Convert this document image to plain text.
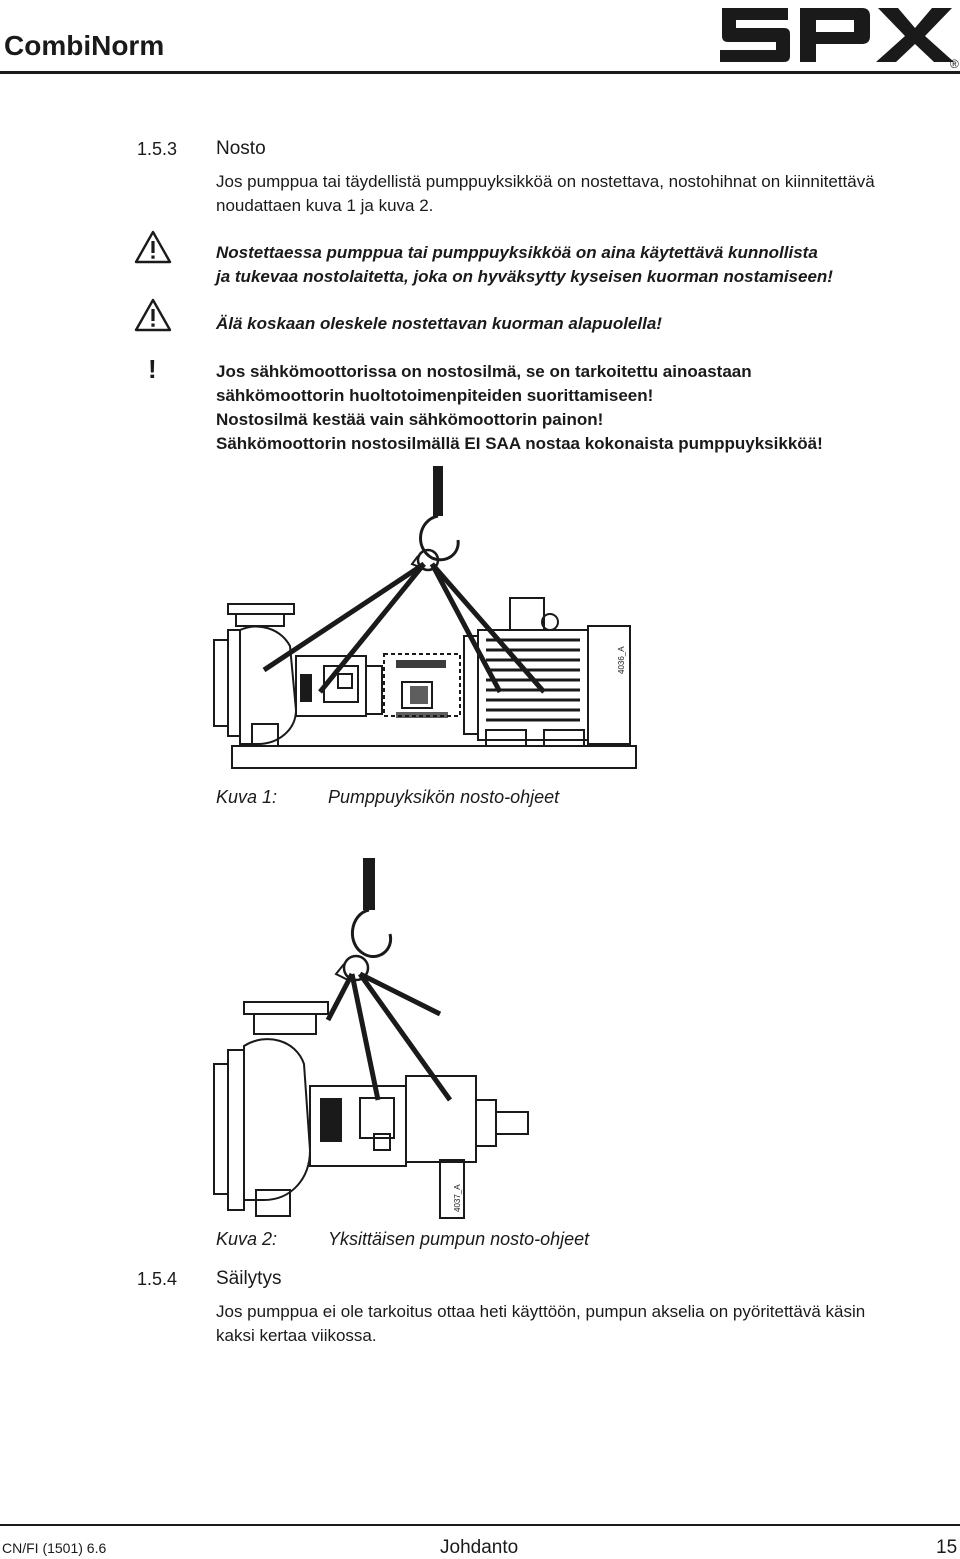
CombiNorm
®
1.5.3 Nosto
Jos pumppua tai täydellistä pumppuyksikköä on nostettava, nostohihnat on kiinnitettävä
noudattaen kuva 1 ja kuva 2.
Nostettaessa pumppua tai pumppuyksikköä on aina käytettävä kunnollista
ja tukevaa nostolaitetta, joka on hyväksytty kyseisen kuorman nostamiseen!
Älä koskaan oleskele nostettavan kuorman alapuolella!
!	Jos sähkömoottorissa on nostosilmä, se on tarkoitettu ainoastaan
sähkömoottorin huoltotoimenpiteiden suorittamiseen!
Nostosilmä kestää vain sähkömoottorin painon!
Sähkömoottorin nostosilmällä EI SAA nostaa kokonaista pumppuyksikköä!
4036_A
Kuva 1:	Pumppuyksikön nosto-ohjeet
4037_A
Kuva 2:	Yksittäisen pumpun nosto-ohjeet
1.5.4 Säilytys
Jos pumppua ei ole tarkoitus ottaa heti käyttöön, pumpun akselia on pyöritettävä käsin
kaksi kertaa viikossa.
CN/FI (1501) 6.6	Johdanto	15
